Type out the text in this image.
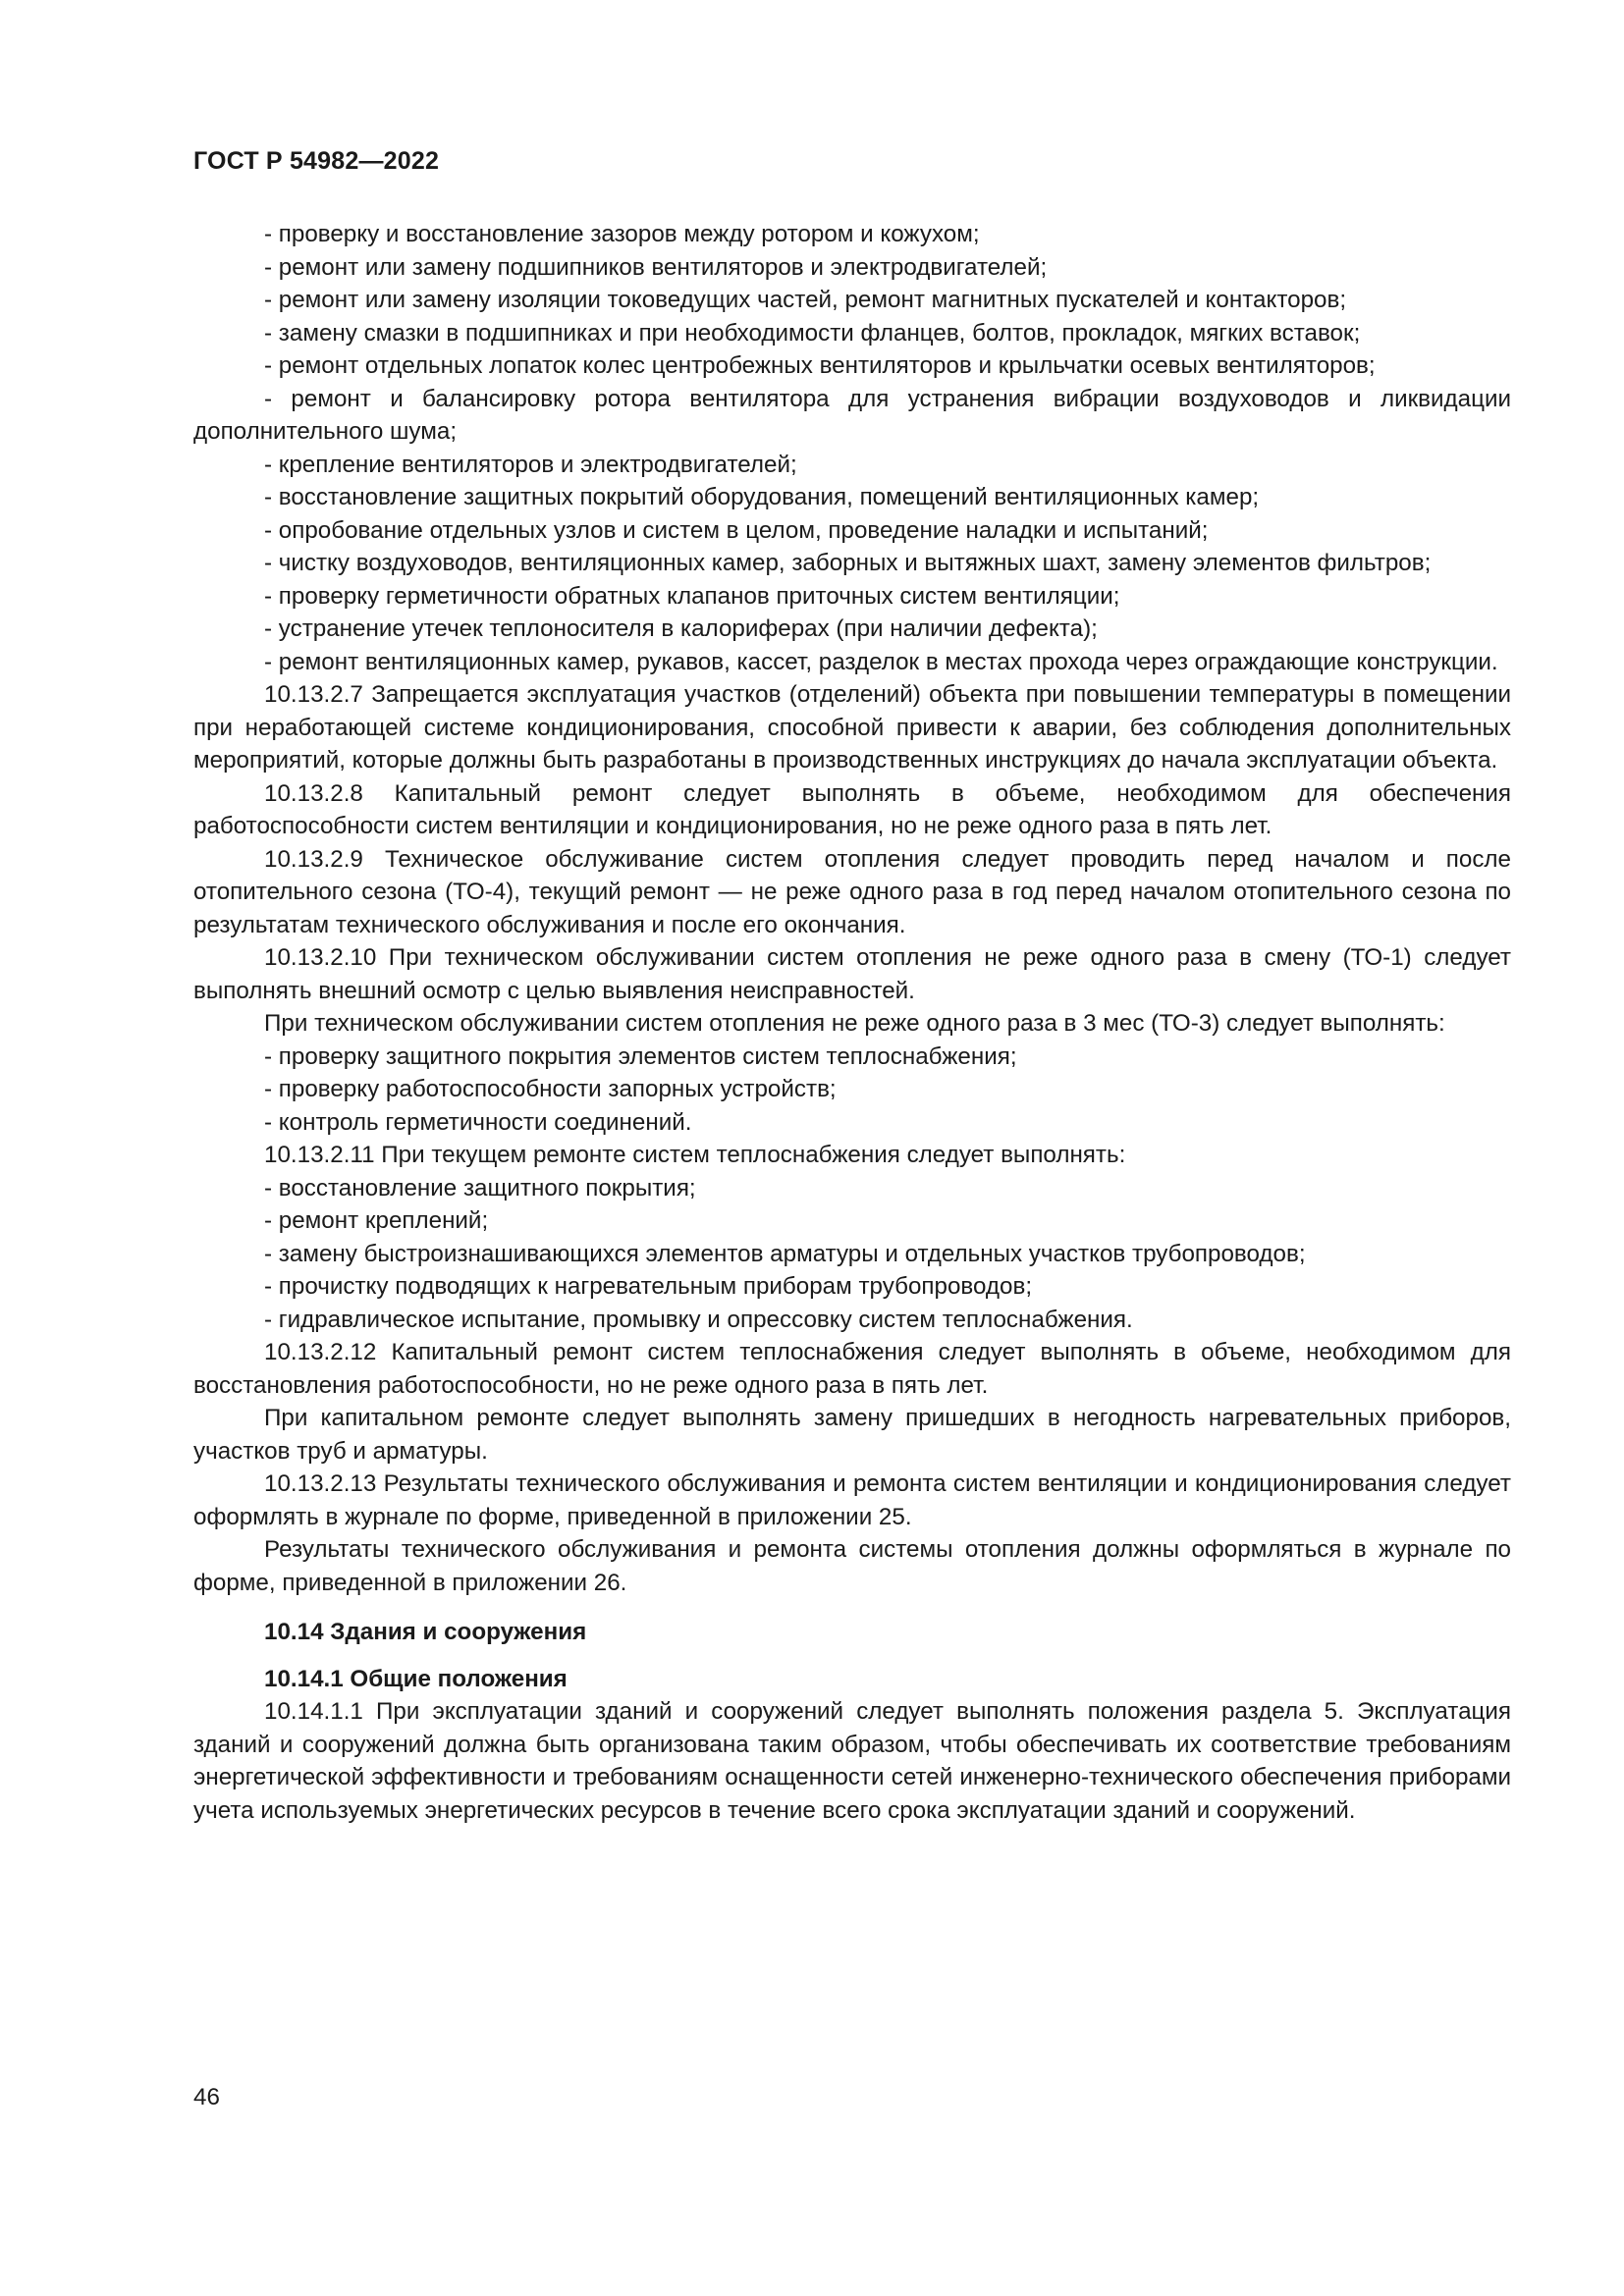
ГОСТ Р 54982—2022

- проверку и восстановление зазоров между ротором и кожухом;

- ремонт или замену подшипников вентиляторов и электродвигателей;

- ремонт или замену изоляции токоведущих частей, ремонт магнитных пускателей и контакторов;

- замену смазки в подшипниках и при необходимости фланцев, болтов, прокладок, мягких вставок;

- ремонт отдельных лопаток колес центробежных вентиляторов и крыльчатки осевых вентиляторов;

- ремонт и балансировку ротора вентилятора для устранения вибрации воздуховодов и ликвидации дополнительного шума;

- крепление вентиляторов и электродвигателей;

- восстановление защитных покрытий оборудования, помещений вентиляционных камер;

- опробование отдельных узлов и систем в целом, проведение наладки и испытаний;

- чистку воздуховодов, вентиляционных камер, заборных и вытяжных шахт, замену элементов фильтров;

- проверку герметичности обратных клапанов приточных систем вентиляции;

- устранение утечек теплоносителя в калориферах (при наличии дефекта);

- ремонт вентиляционных камер, рукавов, кассет, разделок в местах прохода через ограждающие конструкции.

10.13.2.7 Запрещается эксплуатация участков (отделений) объекта при повышении температуры в помещении при неработающей системе кондиционирования, способной привести к аварии, без соблюдения дополнительных мероприятий, которые должны быть разработаны в производственных инструкциях до начала эксплуатации объекта.

10.13.2.8 Капитальный ремонт следует выполнять в объеме, необходимом для обеспечения работоспособности систем вентиляции и кондиционирования, но не реже одного раза в пять лет.

10.13.2.9 Техническое обслуживание систем отопления следует проводить перед началом и после отопительного сезона (ТО-4), текущий ремонт — не реже одного раза в год перед началом отопительного сезона по результатам технического обслуживания и после его окончания.

10.13.2.10 При техническом обслуживании систем отопления не реже одного раза в смену (ТО-1) следует выполнять внешний осмотр с целью выявления неисправностей.

При техническом обслуживании систем отопления не реже одного раза в 3 мес (ТО-3) следует выполнять:

- проверку защитного покрытия элементов систем теплоснабжения;

- проверку работоспособности запорных устройств;

- контроль герметичности соединений.

10.13.2.11 При текущем ремонте систем теплоснабжения следует выполнять:

- восстановление защитного покрытия;

- ремонт креплений;

- замену быстроизнашивающихся элементов арматуры и отдельных участков трубопроводов;

- прочистку подводящих к нагревательным приборам трубопроводов;

- гидравлическое испытание, промывку и опрессовку систем теплоснабжения.

10.13.2.12 Капитальный ремонт систем теплоснабжения следует выполнять в объеме, необходимом для восстановления работоспособности, но не реже одного раза в пять лет.

При капитальном ремонте следует выполнять замену пришедших в негодность нагревательных приборов, участков труб и арматуры.

10.13.2.13 Результаты технического обслуживания и ремонта систем вентиляции и кондиционирования следует оформлять в журнале по форме, приведенной в приложении 25.

Результаты технического обслуживания и ремонта системы отопления должны оформляться в журнале по форме, приведенной в приложении 26.

10.14 Здания и сооружения

10.14.1 Общие положения

10.14.1.1 При эксплуатации зданий и сооружений следует выполнять положения раздела 5. Эксплуатация зданий и сооружений должна быть организована таким образом, чтобы обеспечивать их соответствие требованиям энергетической эффективности и требованиям оснащенности сетей инженерно-технического обеспечения приборами учета используемых энергетических ресурсов в течение всего срока эксплуатации зданий и сооружений.

46
